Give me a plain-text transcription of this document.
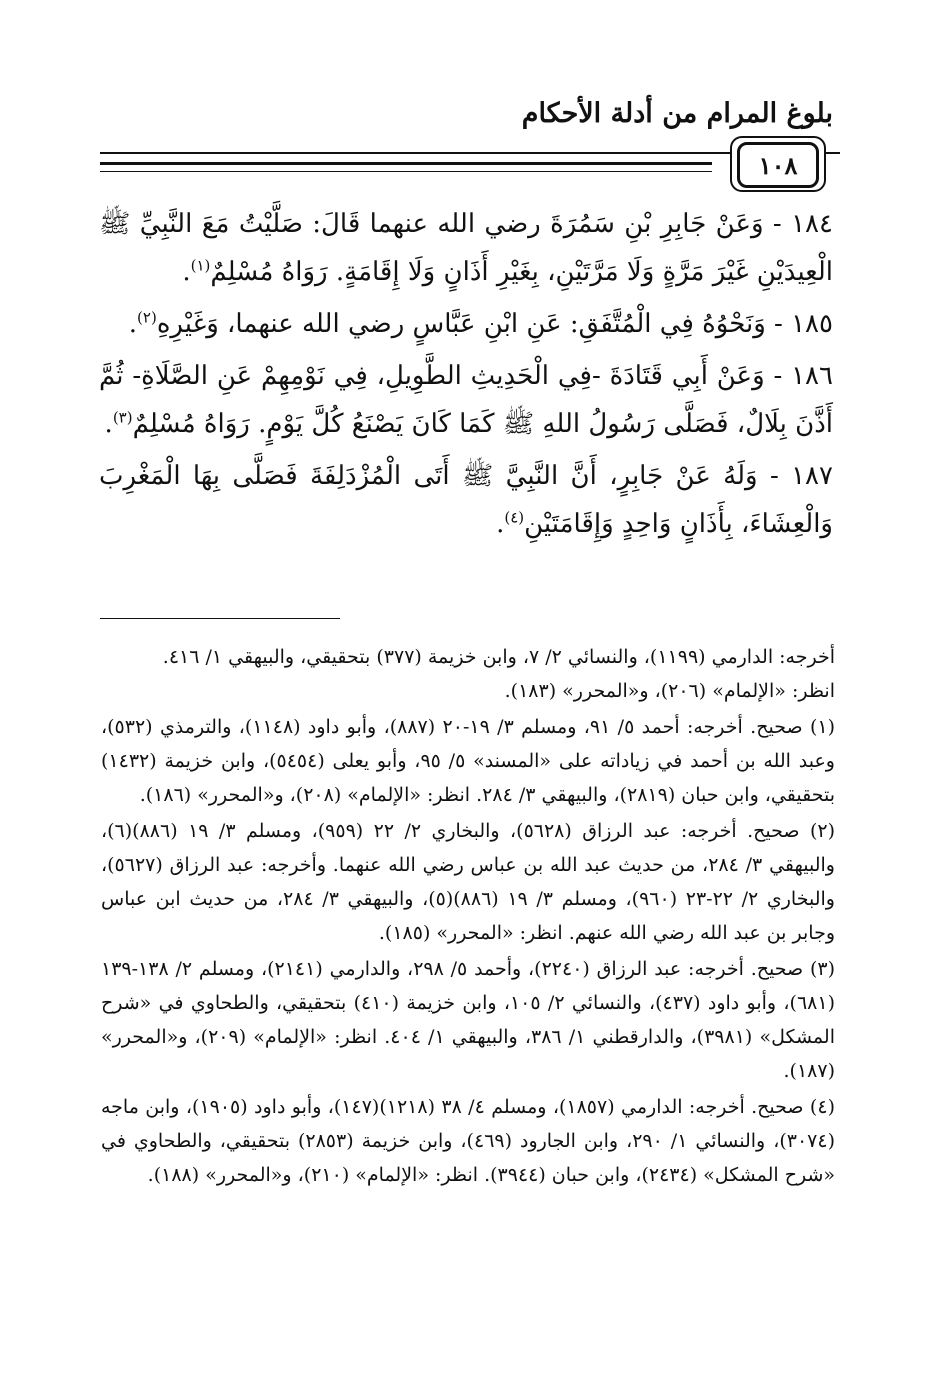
بلوغ المرام من أدلة الأحكام
١٠٨

١٨٤ - وَعَنْ جَابِرِ بْنِ سَمُرَةَ رضي الله عنهما قَالَ: صَلَّيْتُ مَعَ النَّبِيِّ ﷺ الْعِيدَيْنِ غَيْرَ مَرَّةٍ وَلَا مَرَّتَيْنِ، بِغَيْرِ أَذَانٍ وَلَا إِقَامَةٍ. رَوَاهُ مُسْلِمٌ$^{(١)}$.

١٨٥ - وَنَحْوُهُ فِي الْمُتَّفَقِ: عَنِ ابْنِ عَبَّاسٍ رضي الله عنهما، وَغَيْرِهِ$^{(٢)}$.

١٨٦ - وَعَنْ أَبِي قَتَادَةَ -فِي الْحَدِيثِ الطَّوِيلِ، فِي نَوْمِهِمْ عَنِ الصَّلَاةِ- ثُمَّ أَذَّنَ بِلَالٌ، فَصَلَّى رَسُولُ اللهِ ﷺ كَمَا كَانَ يَصْنَعُ كُلَّ يَوْمٍ. رَوَاهُ مُسْلِمٌ$^{(٣)}$.

١٨٧ - وَلَهُ عَنْ جَابِرٍ، أَنَّ النَّبِيَّ ﷺ أَتَى الْمُزْدَلِفَةَ فَصَلَّى بِهَا الْمَغْرِبَ وَالْعِشَاءَ، بِأَذَانٍ وَاحِدٍ وَإِقَامَتَيْنِ$^{(٤)}$.

أخرجه: الدارمي (١١٩٩)، والنسائي ٢/ ٧، وابن خزيمة (٣٧٧) بتحقيقي، والبيهقي ١/ ٤١٦.
انظر: «الإلمام» (٢٠٦)، و«المحرر» (١٨٣).
(١) صحيح. أخرجه: أحمد ٥/ ٩١، ومسلم ٣/ ١٩-٢٠ (٨٨٧)، وأبو داود (١١٤٨)، والترمذي (٥٣٢)، وعبد الله بن أحمد في زياداته على «المسند» ٥/ ٩٥، وأبو يعلى (٥٤٥٤)، وابن خزيمة (١٤٣٢) بتحقيقي، وابن حبان (٢٨١٩)، والبيهقي ٣/ ٢٨٤. انظر: «الإلمام» (٢٠٨)، و«المحرر» (١٨٦).
(٢) صحيح. أخرجه: عبد الرزاق (٥٦٢٨)، والبخاري ٢/ ٢٢ (٩٥٩)، ومسلم ٣/ ١٩ (٨٨٦)(٦)، والبيهقي ٣/ ٢٨٤، من حديث عبد الله بن عباس رضي الله عنهما. وأخرجه: عبد الرزاق (٥٦٢٧)، والبخاري ٢/ ٢٢-٢٣ (٩٦٠)، ومسلم ٣/ ١٩ (٨٨٦)(٥)، والبيهقي ٣/ ٢٨٤، من حديث ابن عباس وجابر بن عبد الله رضي الله عنهم. انظر: «المحرر» (١٨٥).
(٣) صحيح. أخرجه: عبد الرزاق (٢٢٤٠)، وأحمد ٥/ ٢٩٨، والدارمي (٢١٤١)، ومسلم ٢/ ١٣٨-١٣٩ (٦٨١)، وأبو داود (٤٣٧)، والنسائي ٢/ ١٠٥، وابن خزيمة (٤١٠) بتحقيقي، والطحاوي في «شرح المشكل» (٣٩٨١)، والدارقطني ١/ ٣٨٦، والبيهقي ١/ ٤٠٤. انظر: «الإلمام» (٢٠٩)، و«المحرر» (١٨٧).
(٤) صحيح. أخرجه: الدارمي (١٨٥٧)، ومسلم ٤/ ٣٨ (١٢١٨)(١٤٧)، وأبو داود (١٩٠٥)، وابن ماجه (٣٠٧٤)، والنسائي ١/ ٢٩٠، وابن الجارود (٤٦٩)، وابن خزيمة (٢٨٥٣) بتحقيقي، والطحاوي في «شرح المشكل» (٢٤٣٤)، وابن حبان (٣٩٤٤). انظر: «الإلمام» (٢١٠)، و«المحرر» (١٨٨).
